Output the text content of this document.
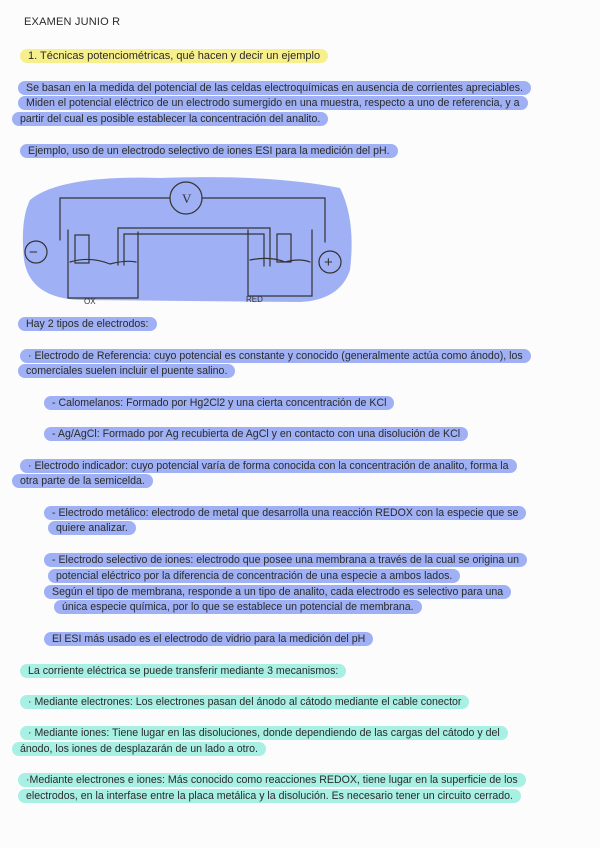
EXAMEN JUNIO R
1. Técnicas potenciométricas, qué hacen y decir un ejemplo
Se basan en la medida del potencial de las celdas electroquímicas en ausencia de corrientes apreciables.
Miden el potencial eléctrico de un electrodo sumergido en una muestra, respecto a uno de referencia, y a
partir del cual es posible establecer la concentración del analito.
Ejemplo, uso de un electrodo selectivo de iones ESI para la medición del pH.
V
−
+
OX	RED
Hay 2 tipos de electrodos:
· Electrodo de Referencia: cuyo potencial es constante y conocido (generalmente actúa como ánodo), los
comerciales suelen incluir el puente salino.
- Calomelanos: Formado por Hg2Cl2 y una cierta concentración de KCl
- Ag/AgCl: Formado por Ag recubierta de AgCl y en contacto con una disolución de KCl
· Electrodo indicador: cuyo potencial varía de forma conocida con la concentración de analito, forma la
otra parte de la semicelda.
- Electrodo metálico: electrodo de metal que desarrolla una reacción REDOX con la especie que se
quiere analizar.
- Electrodo selectivo de iones: electrodo que posee una membrana a través de la cual se origina un
potencial eléctrico por la diferencia de concentración de una especie a ambos lados.
Según el tipo de membrana, responde a un tipo de analito, cada electrodo es selectivo para una
única especie química, por lo que se establece un potencial de membrana.
El ESI más usado es el electrodo de vidrio para la medición del pH
La corriente eléctrica se puede transferir mediante 3 mecanismos:
· Mediante electrones: Los electrones pasan del ánodo al cátodo mediante el cable conector
· Mediante iones: Tiene lugar en las disoluciones, donde dependiendo de las cargas del cátodo y del
ánodo, los iones de desplazarán de un lado a otro.
·Mediante electrones e iones: Más conocido como reacciones REDOX, tiene lugar en la superficie de los
electrodos, en la interfase entre la placa metálica y la disolución. Es necesario tener un circuito cerrado.
